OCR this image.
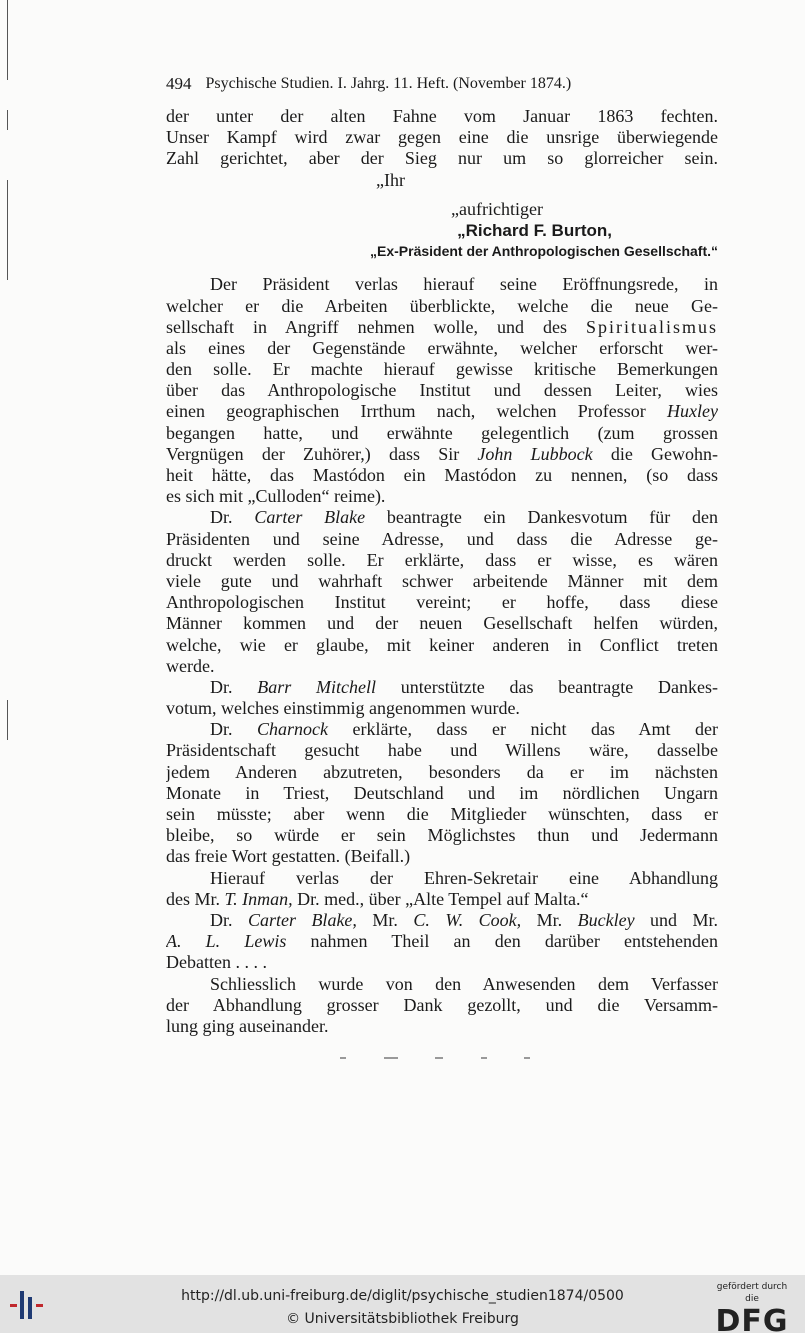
494 Psychische Studien. I. Jahrg. 11. Heft. (November 1874.)
der unter der alten Fahne vom Januar 1863 fechten.
Unser Kampf wird zwar gegen eine die unsrige überwiegende
Zahl gerichtet, aber der Sieg nur um so glorreicher sein.
„Ihr
„aufrichtiger
„Richard F. Burton,
„Ex-Präsident der Anthropologischen Gesellschaft.“
Der Präsident verlas hierauf seine Eröffnungsrede, in
welcher er die Arbeiten überblickte, welche die neue Ge-
sellschaft in Angriff nehmen wolle, und des Spiritualismus
als eines der Gegenstände erwähnte, welcher erforscht wer-
den solle. Er machte hierauf gewisse kritische Bemerkungen
über das Anthropologische Institut und dessen Leiter, wies
einen geographischen Irrthum nach, welchen Professor Huxley
begangen hatte, und erwähnte gelegentlich (zum grossen
Vergnügen der Zuhörer,) dass Sir John Lubbock die Gewohn-
heit hätte, das Mastódon ein Mastódon zu nennen, (so dass
es sich mit „Culloden“ reime).
Dr. Carter Blake beantragte ein Dankesvotum für den
Präsidenten und seine Adresse, und dass die Adresse ge-
druckt werden solle. Er erklärte, dass er wisse, es wären
viele gute und wahrhaft schwer arbeitende Männer mit dem
Anthropologischen Institut vereint; er hoffe, dass diese
Männer kommen und der neuen Gesellschaft helfen würden,
welche, wie er glaube, mit keiner anderen in Conflict treten
werde.
Dr. Barr Mitchell unterstützte das beantragte Dankes-
votum, welches einstimmig angenommen wurde.
Dr. Charnock erklärte, dass er nicht das Amt der
Präsidentschaft gesucht habe und Willens wäre, dasselbe
jedem Anderen abzutreten, besonders da er im nächsten
Monate in Triest, Deutschland und im nördlichen Ungarn
sein müsste; aber wenn die Mitglieder wünschten, dass er
bleibe, so würde er sein Möglichstes thun und Jedermann
das freie Wort gestatten. (Beifall.)
Hierauf verlas der Ehren-Sekretair eine Abhandlung
des Mr. T. Inman, Dr. med., über „Alte Tempel auf Malta.“
Dr. Carter Blake, Mr. C. W. Cook, Mr. Buckley und Mr.
A. L. Lewis nahmen Theil an den darüber entstehenden
Debatten . . . .
Schliesslich wurde von den Anwesenden dem Verfasser
der Abhandlung grosser Dank gezollt, und die Versamm-
lung ging auseinander.
http://dl.ub.uni-freiburg.de/diglit/psychische_studien1874/0500
© Universitätsbibliothek Freiburg
gefördert durch die
DFG
